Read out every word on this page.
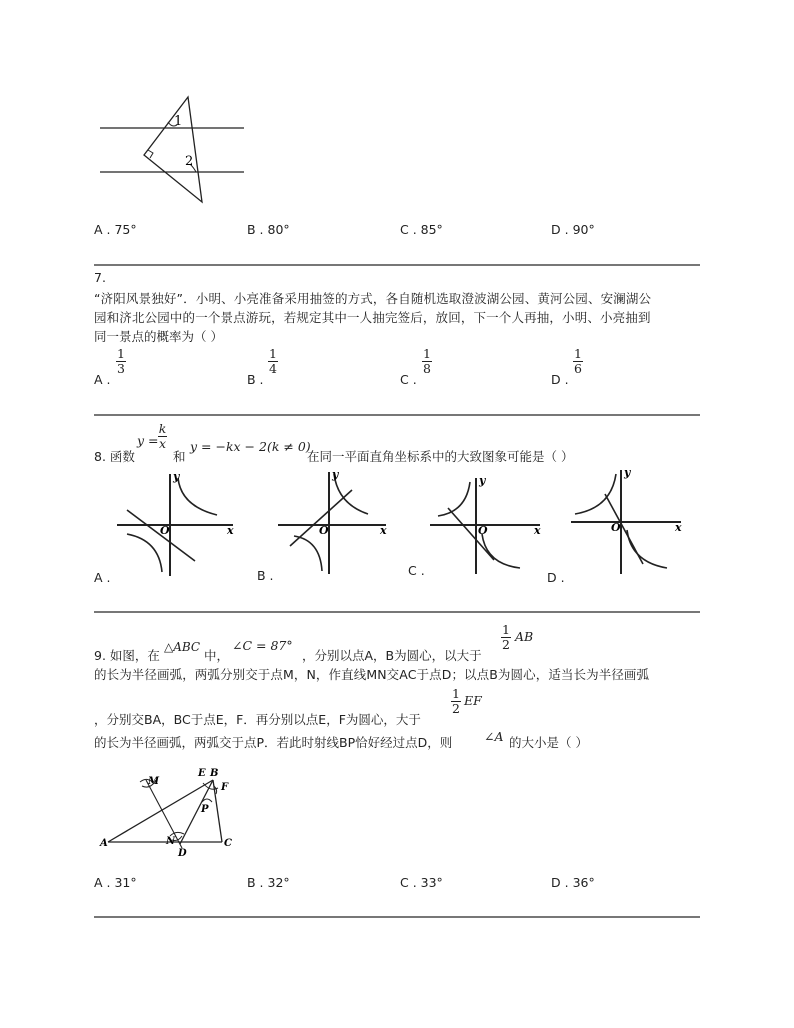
1
2
A . 75°	B . 80°	C . 85°	D . 90°
7.
“济阳风景独好”．小明、小亮准备采用抽签的方式，各自随机选取澄波湖公园、黄河公园、安澜湖公
园和济北公园中的一个景点游玩，若规定其中一人抽完签后，放回，下一个人再抽，小明、小亮抽到
同一景点的概率为（ ）
A .
$\frac{1}{3}$
B .
$\frac{1}{4}$
C .
$\frac{1}{8}$
D .
$\frac{1}{6}$
8. 函数
$y = \frac{k}{x}$
和
y = −kx − 2(k ≠ 0)
在同一平面直角坐标系中的大致图象可能是（ ）
y
x
O
A .
y
x
O
B .
y
x
O
C .
y
x
O
D .
9. 如图，在
△ABC
中，
∠C = 87°
，分别以点A，B为圆心，以大于
$\frac{1}{2}$ AB
的长为半径画弧，两弧分别交于点M，N，作直线MN交AC于点D；以点B为圆心，适当长为半径画弧
，分别交BA，BC于点E，F．再分别以点E，F为圆心，大于
$\frac{1}{2}$ EF
的长为半径画弧，两弧交于点P．若此时射线BP恰好经过点D，则	∠A 的大小是（ ）
M
E B
F
P
A	N
D
C
A . 31°	B . 32°	C . 33°	D . 36°
